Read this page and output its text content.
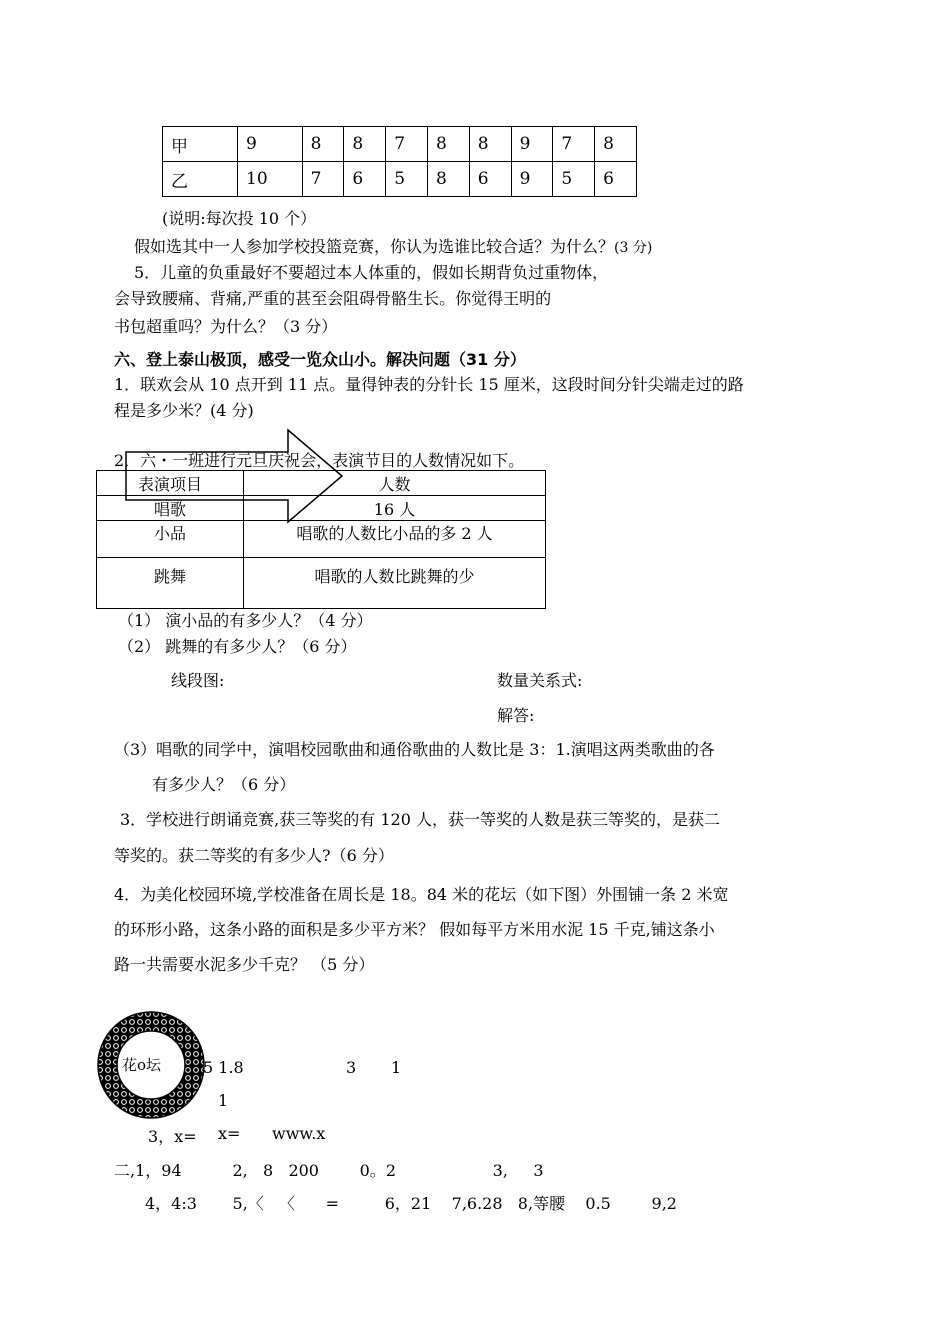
甲	9	8	8	7	8	8	9	7	8
乙	10	7	6	5	8	6	9	5	6
(说明:每次投 10 个）
假如选其中一人参加学校投篮竞赛，你认为选谁比较合适？为什么？(3 分)
5．儿童的负重最好不要超过本人体重的，假如长期背负过重物体，
会导致腰痛、背痛,严重的甚至会阻碍骨骼生长。你觉得王明的
书包超重吗？为什么？（3 分）
六、登上泰山极顶，感受一览众山小。解决问题（31 分）
1．联欢会从 10 点开到 11 点。量得钟表的分针长 15 厘米，这段时间分针尖端走过的路
程是多少米？(4 分)
2．六・一班进行元旦庆祝会，表演节目的人数情况如下。
表演项目	人数
唱歌	16 人
小品	唱歌的人数比小品的多 2 人
跳舞	唱歌的人数比跳舞的少
（1） 演小品的有多少人？（4 分）
（2） 跳舞的有多少人？（6 分）
线段图:	数量关系式:
解答:
（3）唱歌的同学中，演唱校园歌曲和通俗歌曲的人数比是 3：1.演唱这两类歌曲的各
有多少人？（6 分）
3．学校进行朗诵竞赛,获三等奖的有 120 人，获一等奖的人数是获三等奖的，是获二
等奖的。获二等奖的有多少人?（6 分）
4．为美化校园环境,学校准备在周长是 18。84 米的花坛（如下图）外围铺一条 2 米宽
的环形小路，这条小路的面积是多少平方米？ 假如每平方米用水泥 15 千克,铺这条小
路一共需要水泥多少千克？ （5 分）
花o坛	5 1.8	3 1
1
3，x= x= www.x
二,1，94          2,   8   200        0。2                   3,     3
4，4:3       5,〈   〈      =         6，21    7,6.28   8,等腰    0.5        9,2
